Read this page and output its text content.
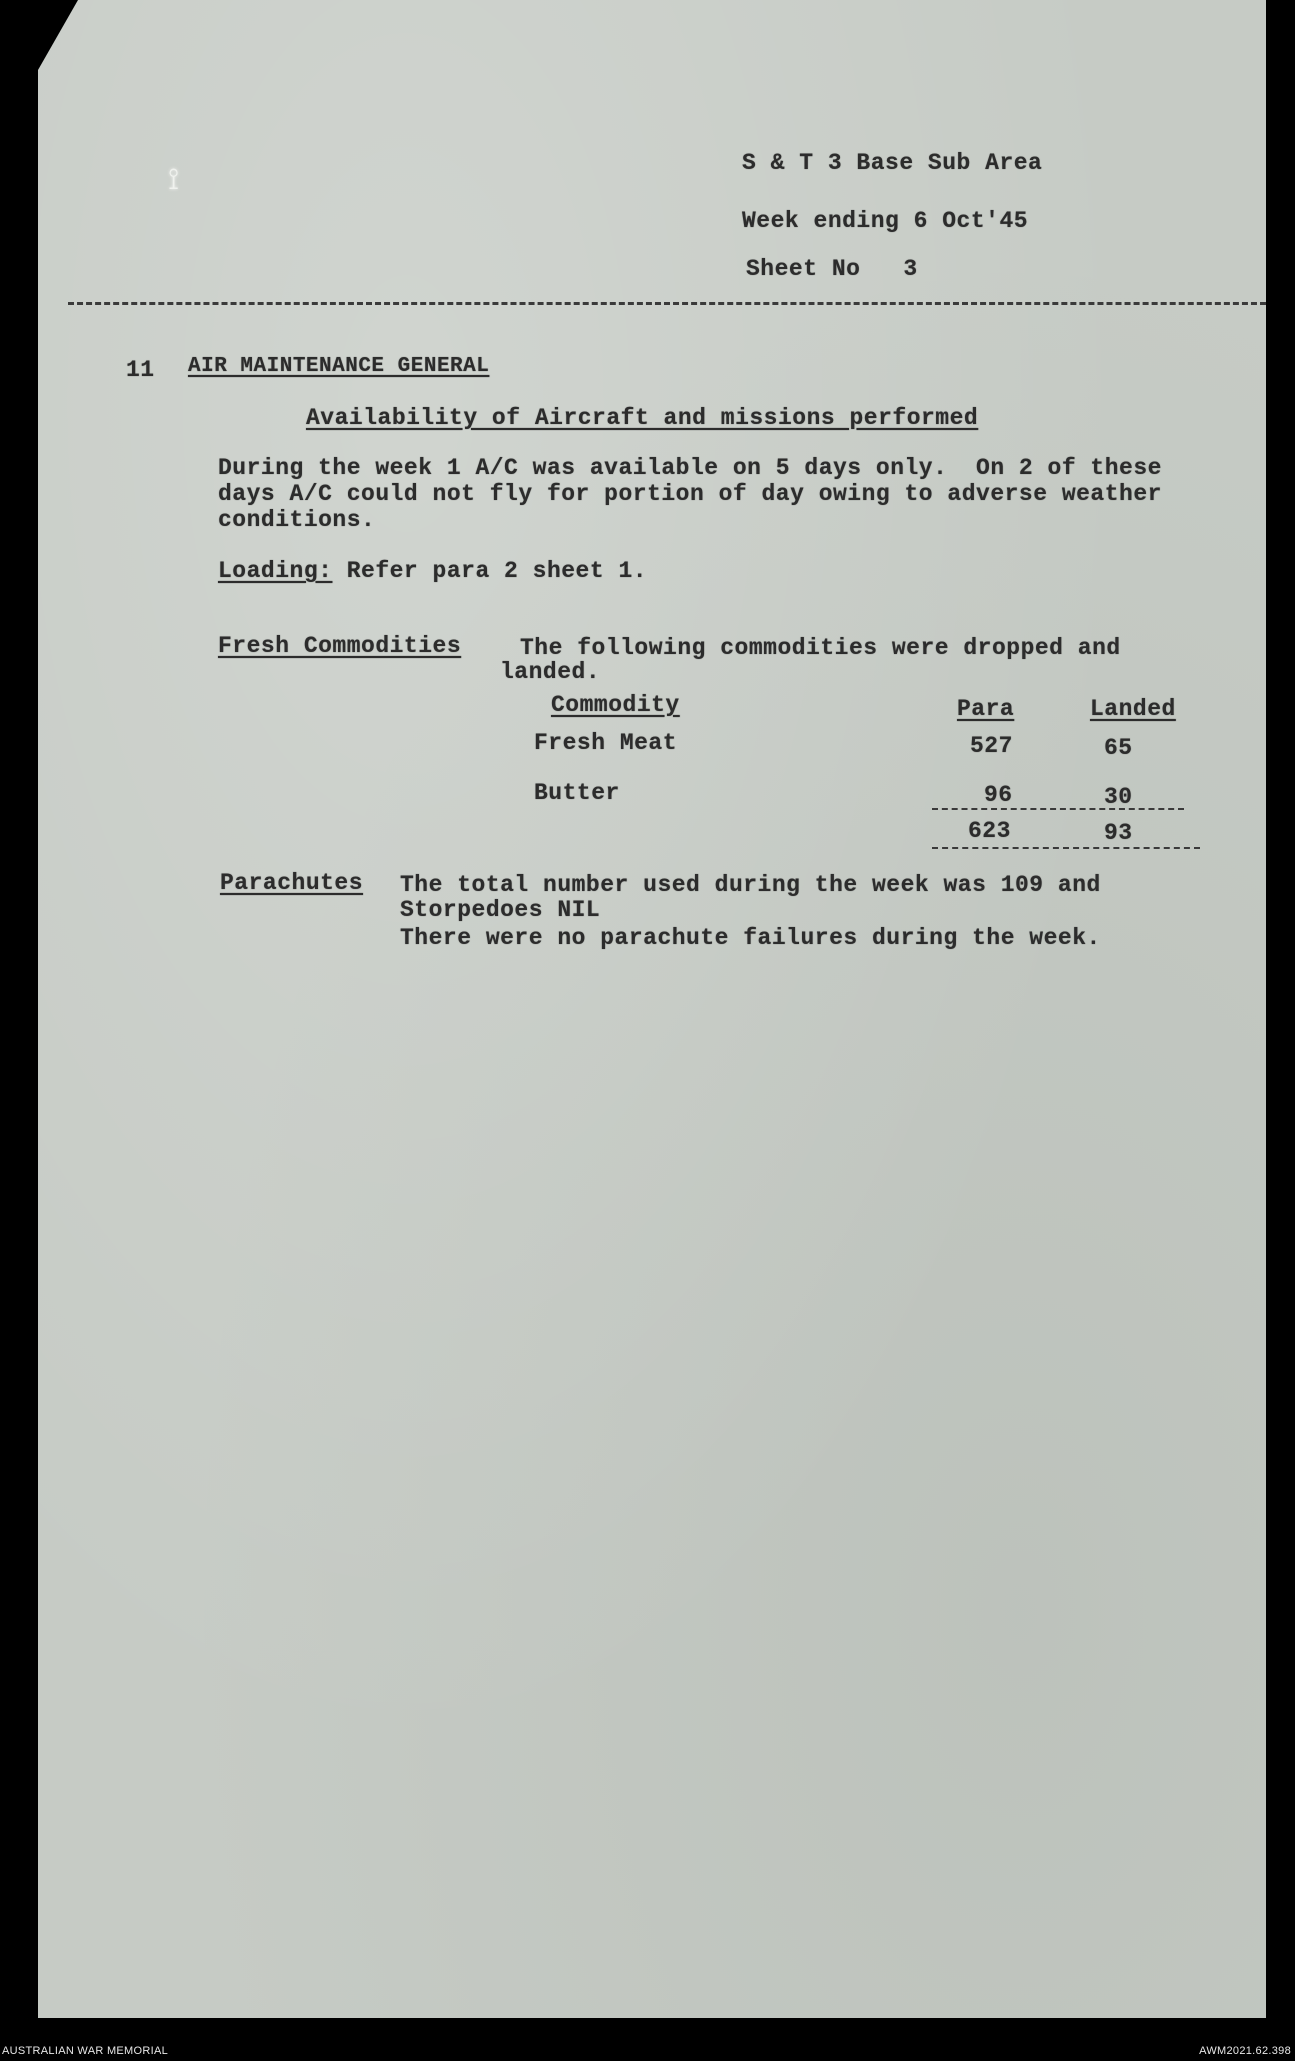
⟟	S & T 3 Base Sub Area
Week ending 6 Oct'45
Sheet No   3
11 AIR MAINTENANCE GENERAL
Availability of Aircraft and missions performed
During the week 1 A/C was available on 5 days only.  On 2 of these
days A/C could not fly for portion of day owing to adverse weather
conditions.
Loading: Refer para 2 sheet 1.
Fresh Commodities	The following commodities were dropped and
landed.
Commodity	Para	Landed
Fresh Meat	527	65
Butter	96	30
623	93
Parachutes The total number used during the week was 109 and
Storpedoes NIL
There were no parachute failures during the week.
AUSTRALIAN WAR MEMORIAL	AWM2021.62.398
